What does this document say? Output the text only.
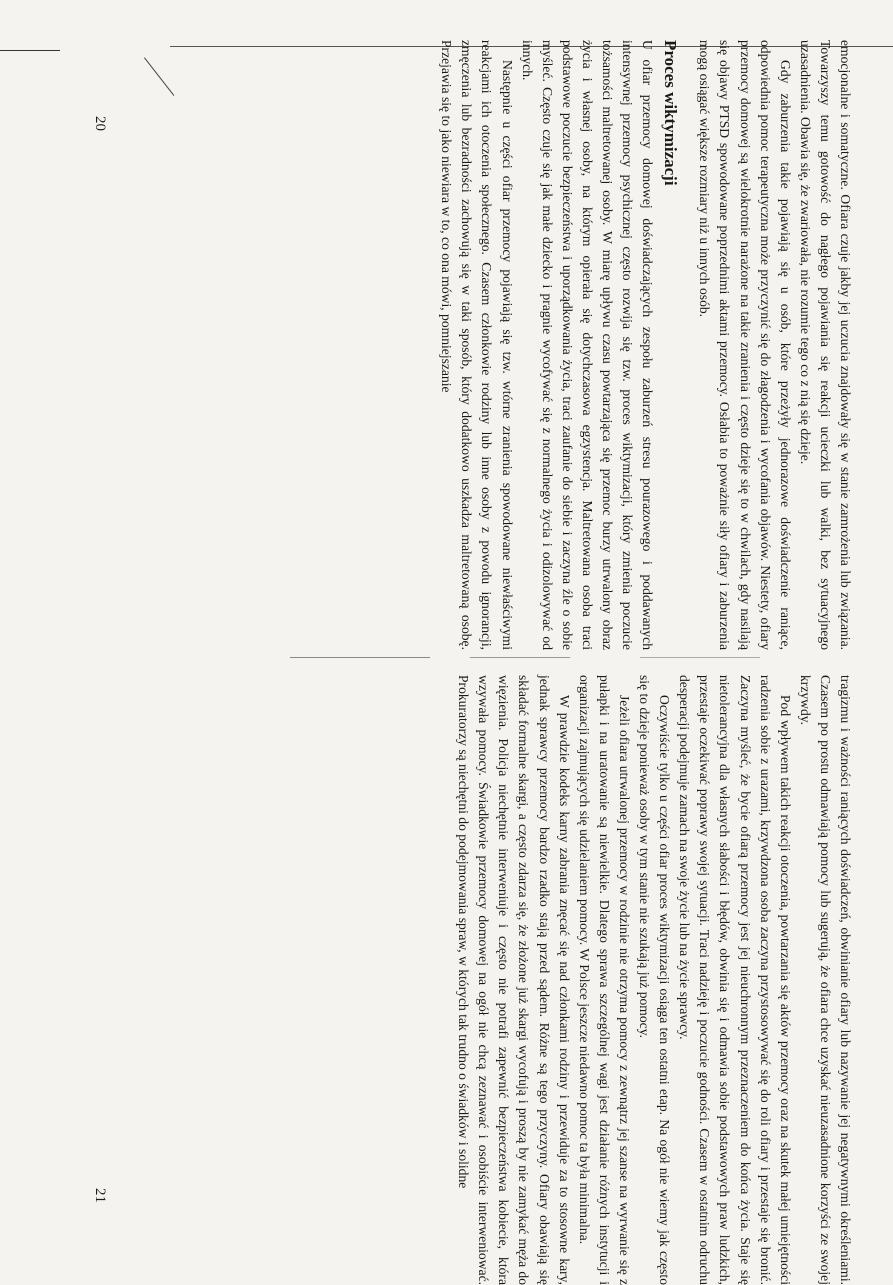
emocjonalne i somatyczne. Ofiara czuje jakby jej uczucia znajdowały się w stanie zamrożenia lub związania. Towarzyszy temu gotowość do nagłego pojawiania się reakcji ucieczki lub walki, bez sytuacyjnego uzasadnienia. Obawia się, że zwariowała, nie rozumie tego co z nią się dzieje.

Gdy zaburzenia takie pojawiają się u osób, które przeżyły jednorazowe doświadczenie raniące, odpowiednia pomoc terapeutyczna może przyczynić się do złagodzenia i wycofania objawów. Niestety, ofiary przemocy domowej są wielokrotnie narażone na takie zranienia i często dzieje się to w chwilach, gdy nasilają się objawy PTSD spowodowane poprzednimi aktami przemocy. Osłabia to poważnie siły ofiary i zaburzenia mogą osiągać większe rozmiary niż u innych osób.

Proces wiktymizacji

U ofiar przemocy domowej doświadczających zespołu zaburzeń stresu pourazowego i poddawanych intensywnej przemocy psychicznej często rozwija się tzw. proces wiktymizacji, który zmienia poczucie tożsamości maltretowanej osoby. W miarę upływu czasu powtarzająca się przemoc burzy utrwalony obraz życia i własnej osoby, na którym opierała się dotychczasowa egzystencja. Maltretowana osoba traci podstawowe poczucie bezpieczeństwa i uporządkowania życia, traci zaufanie do siebie i zaczyna źle o sobie myśleć. Często czuje się jak małe dziecko i pragnie wycofywać się z normalnego życia i odizolowywać od innych.

Następnie u części ofiar przemocy pojawiają się tzw. wtórne zranienia spowodowane niewłaściwymi reakcjami ich otoczenia społecznego. Czasem członkowie rodziny lub inne osoby z powodu ignorancji, zmęczenia lub bezradności zachowują się w taki sposób, który dodatkowo uszkadza maltretowaną osobę. Przejawia się to jako niewiara w to, co ona mówi, pomniejszanie

20

tragizmu i ważności raniących doświadczeń, obwinianie ofiary lub nazywanie jej negatywnymi określeniami. Czasem po prostu odmawiają pomocy lub sugerują, że ofiara chce uzyskać nieuzasadnione korzyści ze swojej krzywdy.

Pod wpływem takich reakcji otoczenia, powtarzania się aktów przemocy oraz na skutek małej umiejętności radzenia sobie z urazami, krzywdzona osoba zaczyna przystosowywać się do roli ofiary i przestaje się bronić. Zaczyna myśleć, że bycie ofiarą przemocy jest jej nieuchronnym przeznaczeniem do końca życia. Staje się nietolerancyjna dla własnych słabości i błędów, obwinia się i odmawia sobie podstawowych praw ludzkich, przestaje oczekiwać poprawy swojej sytuacji. Traci nadzieję i poczucie godności. Czasem w ostatnim odruchu desperacji podejmuje zamach na swoje życie lub na życie sprawcy.

Oczywiście tylko u części ofiar proces wiktymizacji osiąga ten ostatni etap. Na ogół nie wiemy jak często się to dzieje ponieważ osoby w tym stanie nie szukają już pomocy.

Jeżeli ofiara utrwalonej przemocy w rodzinie nie otrzyma pomocy z zewnątrz jej szanse na wyrwanie się z pułapki i na uratowanie są niewielkie. Dlatego sprawa szczególnej wagi jest działanie różnych instytucji i organizacji zajmujących się udzielaniem pomocy. W Polsce jeszcze niedawno pomoc ta była minimalna.

W prawdzie kodeks karny zabrania znęcać się nad członkami rodziny i przewiduje za to stosowne kary, jednak sprawcy przemocy bardzo rzadko stają przed sądem. Różne są tego przyczyny. Ofiary obawiają się składać formalne skargi, a często zdarza się, że złożone już skargi wycofują i proszą by nie zamykać męża do więzienia. Policja niechętnie interweniuje i często nie potrafi zapewnić bezpieczeństwa kobiecie, która wzywała pomocy. Świadkowie przemocy domowej na ogół nie chcą zeznawać i osobiście interweniować. Prokuratorzy są niechętni do podejmowania spraw, w których tak trudno o świadków i solidne

21
